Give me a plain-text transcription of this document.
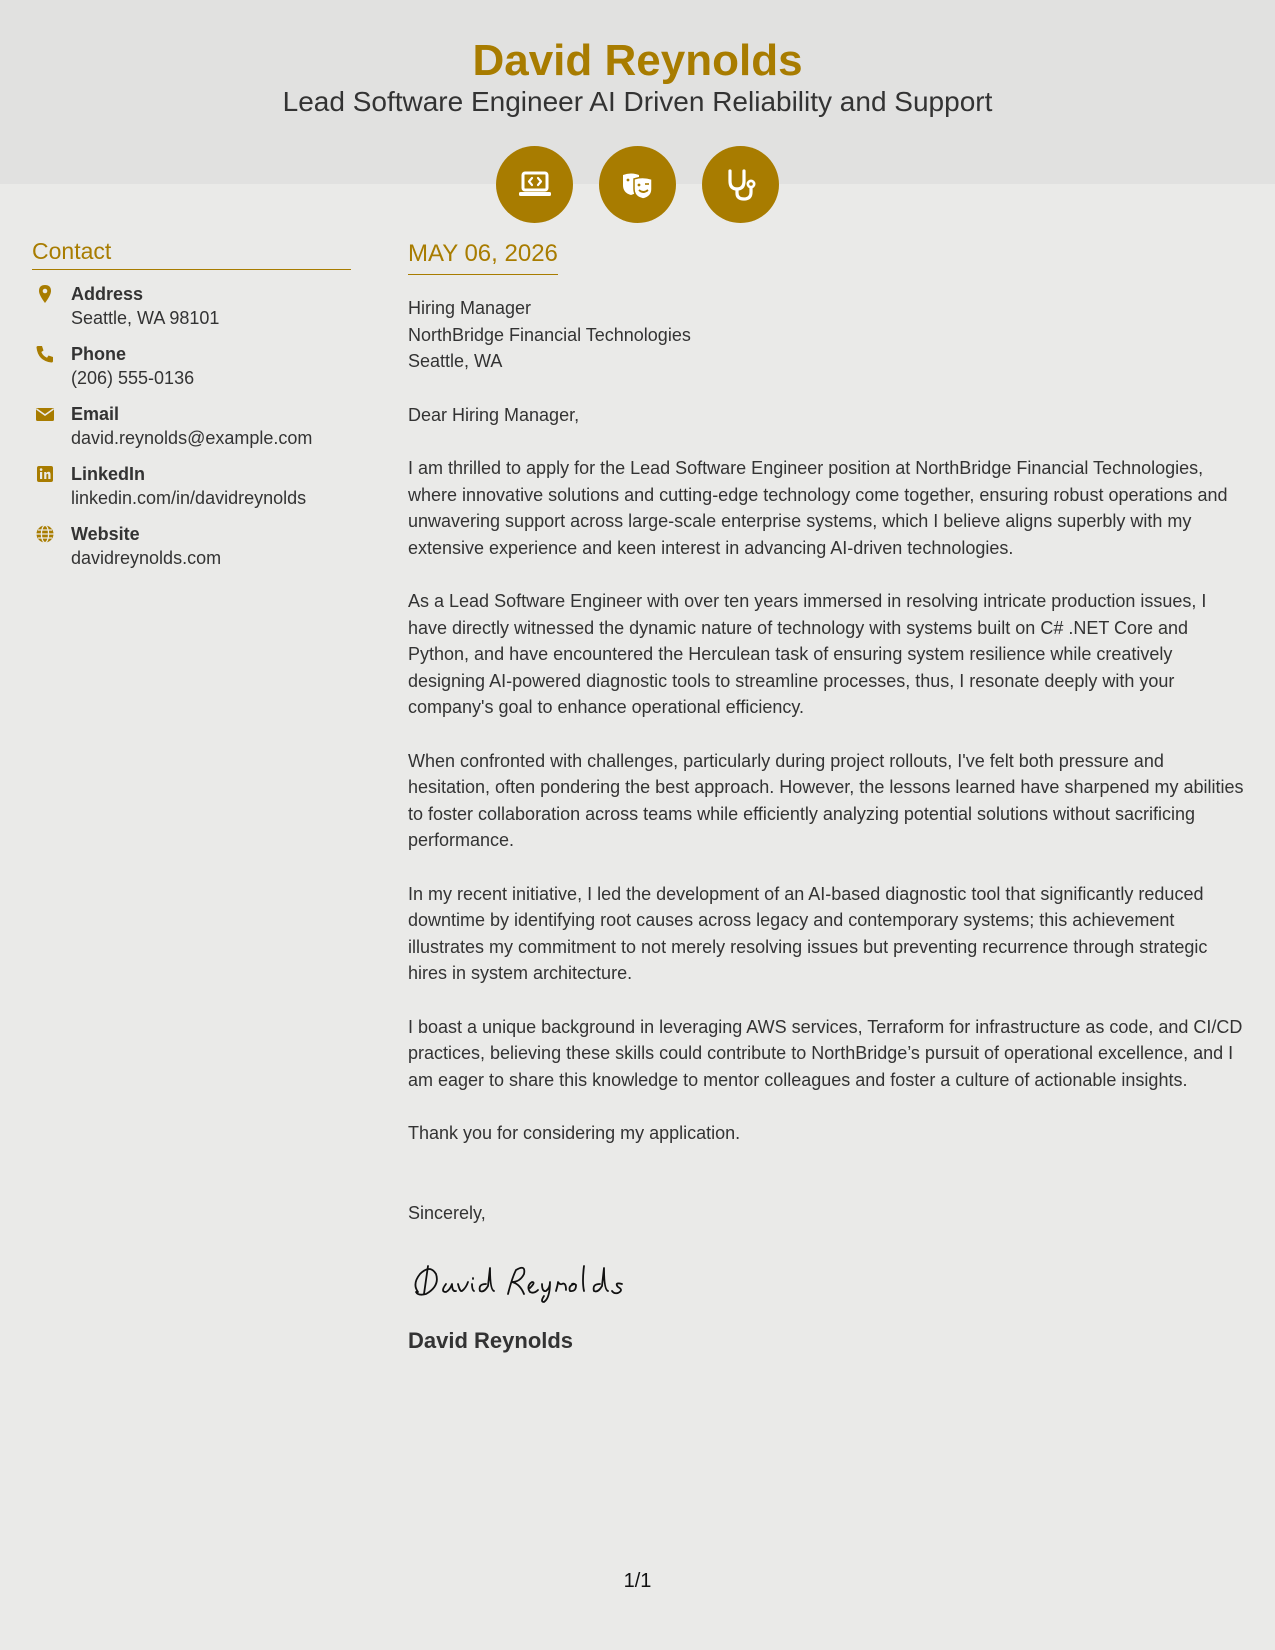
David Reynolds
Lead Software Engineer AI Driven Reliability and Support
Contact
Address
Seattle, WA 98101
Phone
(206) 555-0136
Email
david.reynolds@example.com
LinkedIn
linkedin.com/in/davidreynolds
Website
davidreynolds.com
MAY 06, 2026
Hiring Manager
NorthBridge Financial Technologies
Seattle, WA
Dear Hiring Manager,
I am thrilled to apply for the Lead Software Engineer position at NorthBridge Financial Technologies, where innovative solutions and cutting-edge technology come together, ensuring robust operations and unwavering support across large-scale enterprise systems, which I believe aligns superbly with my extensive experience and keen interest in advancing AI-driven technologies.
As a Lead Software Engineer with over ten years immersed in resolving intricate production issues, I have directly witnessed the dynamic nature of technology with systems built on C# .NET Core and Python, and have encountered the Herculean task of ensuring system resilience while creatively designing AI-powered diagnostic tools to streamline processes, thus, I resonate deeply with your company's goal to enhance operational efficiency.
When confronted with challenges, particularly during project rollouts, I've felt both pressure and hesitation, often pondering the best approach. However, the lessons learned have sharpened my abilities to foster collaboration across teams while efficiently analyzing potential solutions without sacrificing performance.
In my recent initiative, I led the development of an AI-based diagnostic tool that significantly reduced downtime by identifying root causes across legacy and contemporary systems; this achievement illustrates my commitment to not merely resolving issues but preventing recurrence through strategic hires in system architecture.
I boast a unique background in leveraging AWS services, Terraform for infrastructure as code, and CI/CD practices, believing these skills could contribute to NorthBridge’s pursuit of operational excellence, and I am eager to share this knowledge to mentor colleagues and foster a culture of actionable insights.
Thank you for considering my application.
Sincerely,
David Reynolds
1/1
